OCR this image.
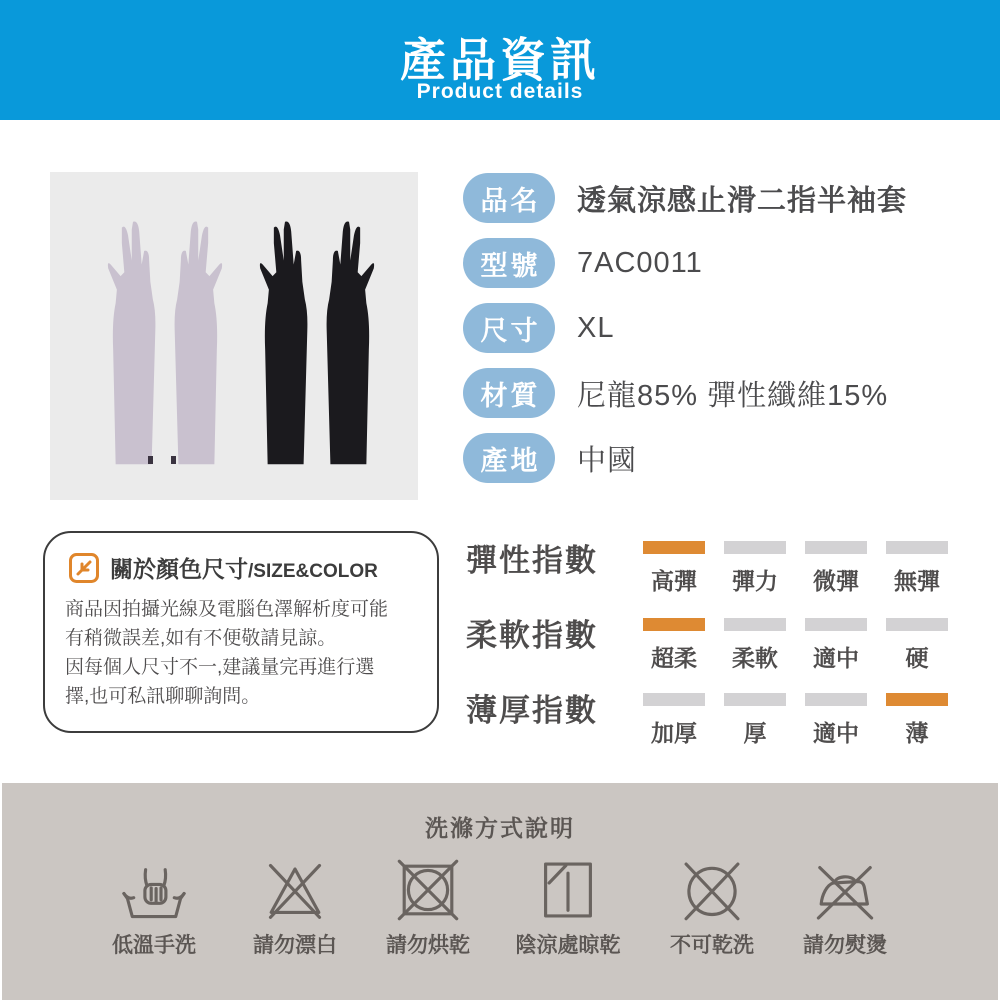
產品資訊
Product details
品名	透氣涼感止滑二指半袖套
型號	7AC0011
尺寸	XL
材質	尼龍85% 彈性纖維15%
產地	中國
關於顏色尺寸/SIZE&COLOR
商品因拍攝光線及電腦色澤解析度可能
有稍微誤差,如有不便敬請見諒。
因每個人尺寸不一,建議量完再進行選
擇,也可私訊聊聊詢問。
彈性指數
高彈	彈力	微彈	無彈
柔軟指數
超柔	柔軟	適中	硬
薄厚指數
加厚	厚	適中	薄
洗滌方式說明
低溫手洗	請勿漂白	請勿烘乾	陰涼處晾乾	不可乾洗	請勿熨燙
